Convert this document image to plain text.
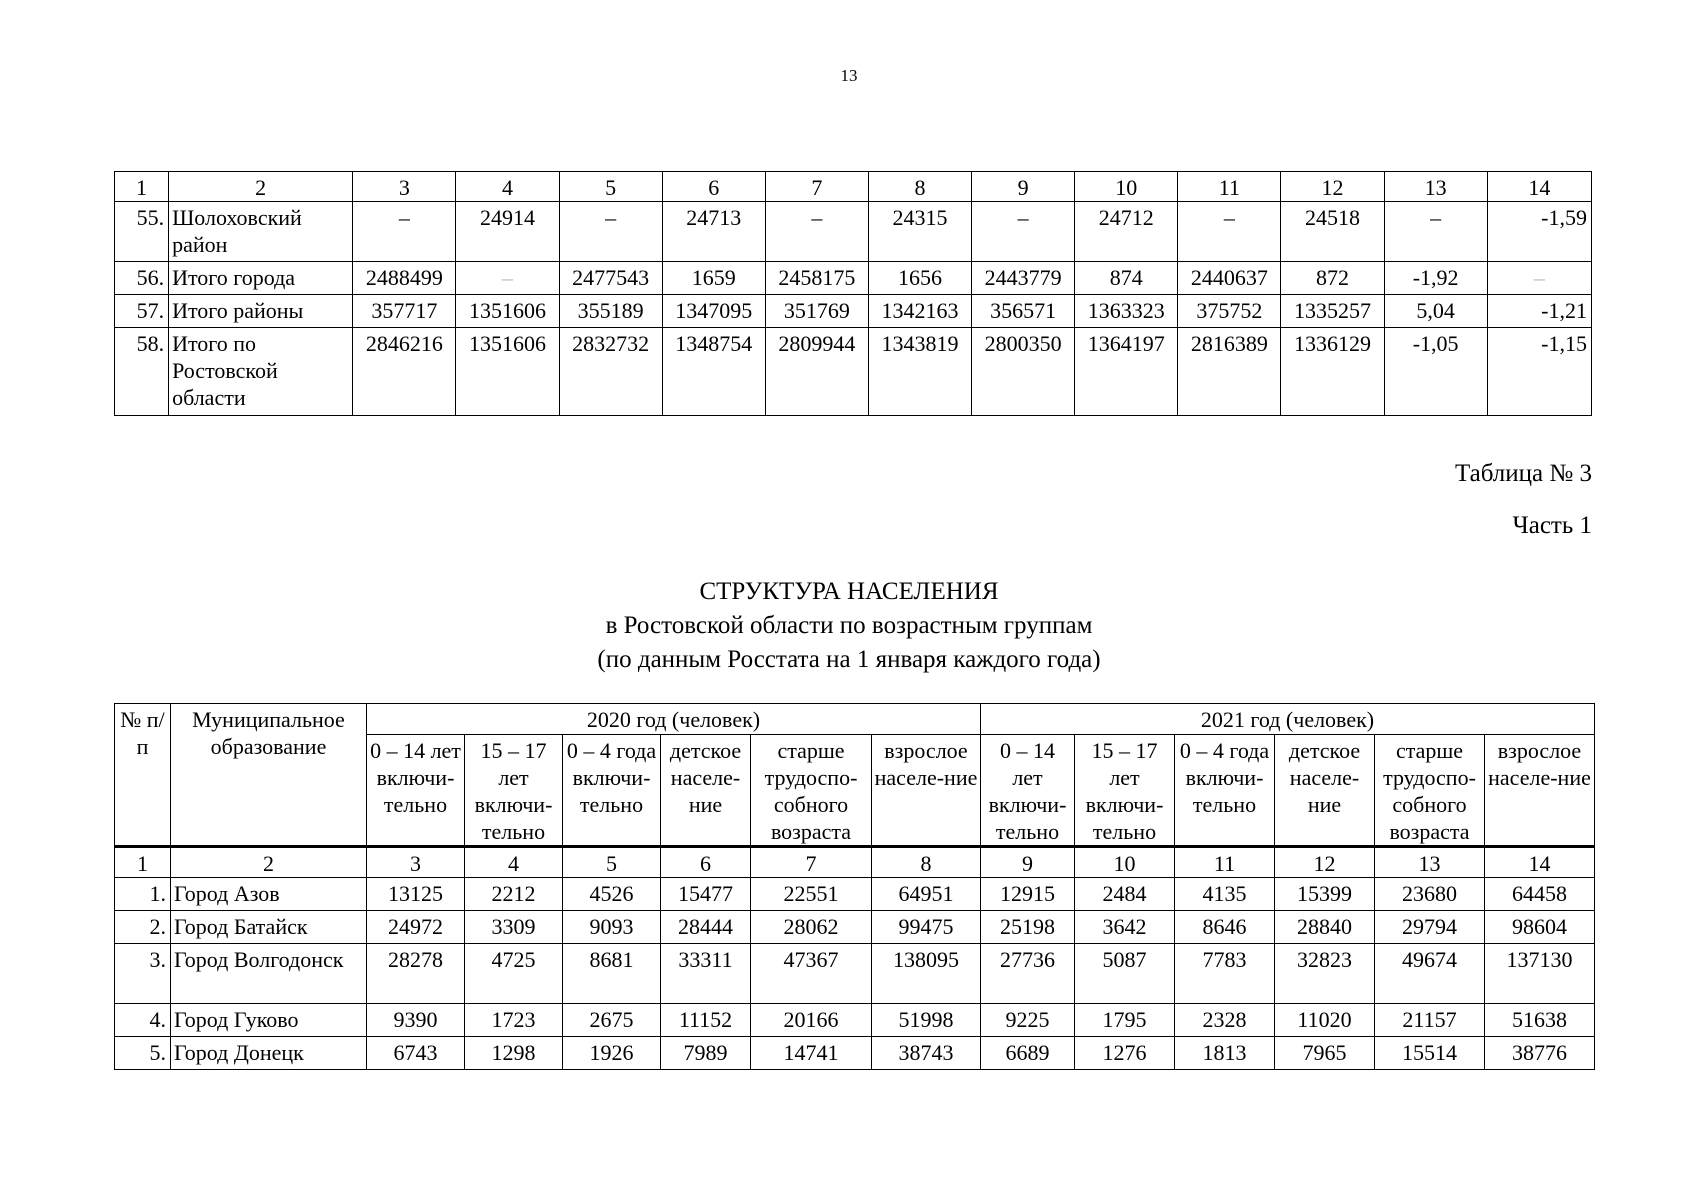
13
1	2	3	4	5	6	7	8	9	10	11	12	13	14
55.	Шолоховский район	–	24914	–	24713	–	24315	–	24712	–	24518	–	-1,59
56.	Итого города	2488499	–	2477543	1659	2458175	1656	2443779	874	2440637	872	-1,92	–
57.	Итого районы	357717	1351606	355189	1347095	351769	1342163	356571	1363323	375752	1335257	5,04	-1,21
58.	Итого по Ростовской области	2846216	1351606	2832732	1348754	2809944	1343819	2800350	1364197	2816389	1336129	-1,05	-1,15
Таблица № 3
Часть 1
СТРУКТУРА НАСЕЛЕНИЯ
в Ростовской области по возрастным группам
(по данным Росстата на 1 января каждого года)
№ п/п	Муниципальное образование	2020 год (человек)						2021 год (человек)					
		0 – 14 лет включи-тельно	15 – 17 лет включи-тельно	0 – 4 года включи-тельно	детское населе-ние	старше трудоспо-собного возраста	взрослое населе-ние	0 – 14 лет включи-тельно	15 – 17 лет включи-тельно	0 – 4 года включи-тельно	детское населе-ние	старше трудоспо-собного возраста	взрослое населе-ние
1	2	3	4	5	6	7	8	9	10	11	12	13	14
1.	Город Азов	13125	2212	4526	15477	22551	64951	12915	2484	4135	15399	23680	64458
2.	Город Батайск	24972	3309	9093	28444	28062	99475	25198	3642	8646	28840	29794	98604
3.	Город Волгодонск	28278	4725	8681	33311	47367	138095	27736	5087	7783	32823	49674	137130
4.	Город Гуково	9390	1723	2675	11152	20166	51998	9225	1795	2328	11020	21157	51638
5.	Город Донецк	6743	1298	1926	7989	14741	38743	6689	1276	1813	7965	15514	38776
